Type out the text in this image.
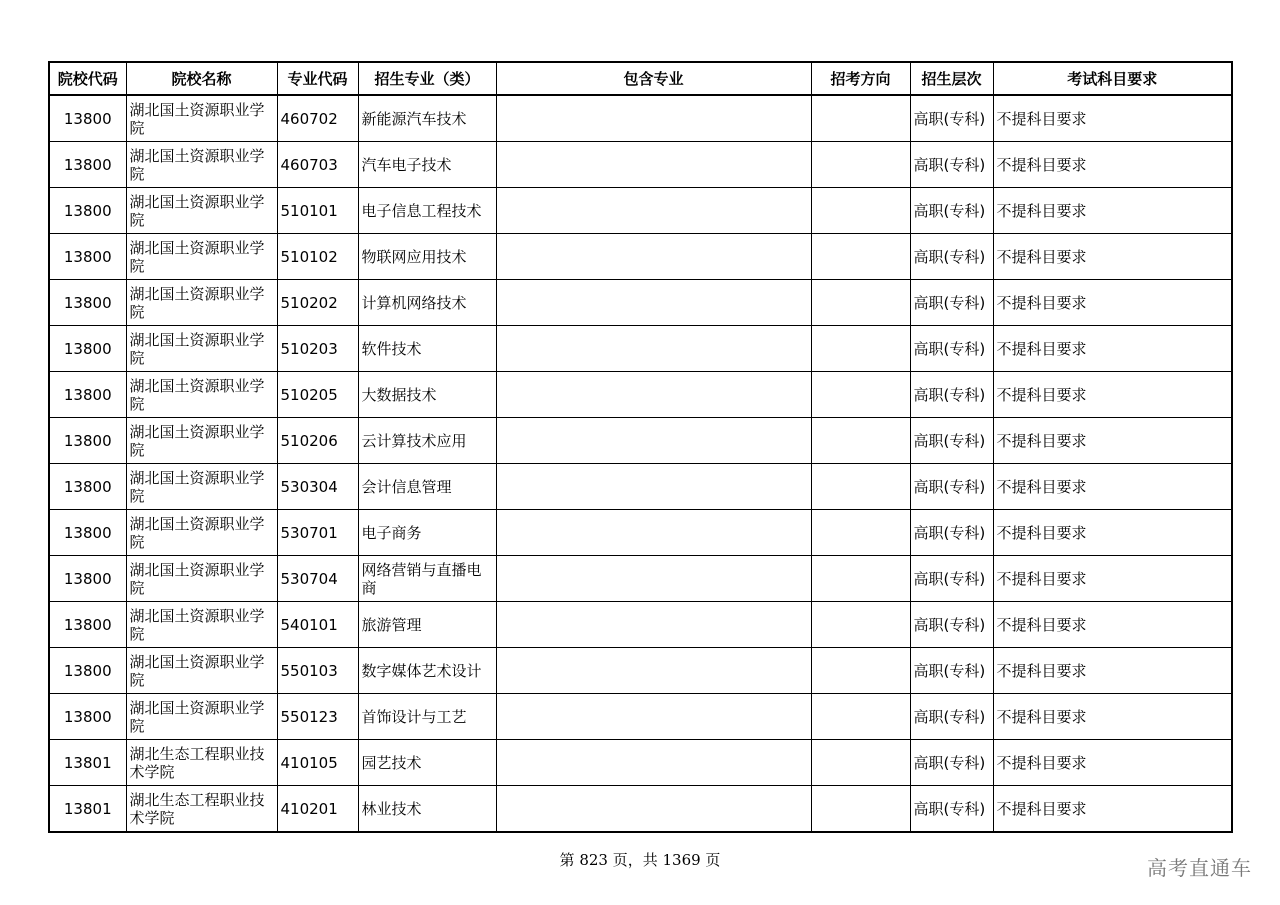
院校代码	院校名称	专业代码	招生专业（类）	包含专业	招考方向	招生层次	考试科目要求
13800	湖北国土资源职业学院	460702	新能源汽车技术			高职(专科)	不提科目要求
13800	湖北国土资源职业学院	460703	汽车电子技术			高职(专科)	不提科目要求
13800	湖北国土资源职业学院	510101	电子信息工程技术			高职(专科)	不提科目要求
13800	湖北国土资源职业学院	510102	物联网应用技术			高职(专科)	不提科目要求
13800	湖北国土资源职业学院	510202	计算机网络技术			高职(专科)	不提科目要求
13800	湖北国土资源职业学院	510203	软件技术			高职(专科)	不提科目要求
13800	湖北国土资源职业学院	510205	大数据技术			高职(专科)	不提科目要求
13800	湖北国土资源职业学院	510206	云计算技术应用			高职(专科)	不提科目要求
13800	湖北国土资源职业学院	530304	会计信息管理			高职(专科)	不提科目要求
13800	湖北国土资源职业学院	530701	电子商务			高职(专科)	不提科目要求
13800	湖北国土资源职业学院	530704	网络营销与直播电商			高职(专科)	不提科目要求
13800	湖北国土资源职业学院	540101	旅游管理			高职(专科)	不提科目要求
13800	湖北国土资源职业学院	550103	数字媒体艺术设计			高职(专科)	不提科目要求
13800	湖北国土资源职业学院	550123	首饰设计与工艺			高职(专科)	不提科目要求
13801	湖北生态工程职业技术学院	410105	园艺技术			高职(专科)	不提科目要求
13801	湖北生态工程职业技术学院	410201	林业技术			高职(专科)	不提科目要求
第 823 页，共 1369 页	高考直通车
